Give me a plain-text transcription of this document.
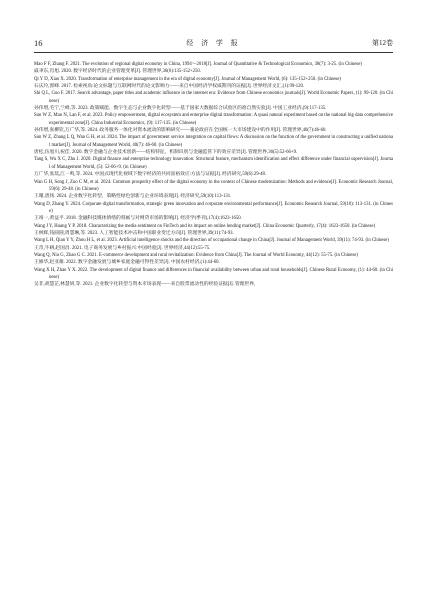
16	经 济 学 报	第12卷
Mao F F, Zhang F. 2021. The evolution of regional digital economy in China, 1994～2018[J]. Journal of Quantitative & Technological Economics, 38(7): 3-25. (in Chinese)
戚聿东,肖旭. 2020. 数字经济时代的企业管理变革[J]. 管理世界,36(6):135-152+250.
Qi Y D, Xiao X. 2020. Transformation of enterprise management in the era of digital economy[J]. Journal of Management World, (6): 135-152+250. (in Chinese)
石庆玲,郭峰. 2017. 检索视角:论文标题与互联网时代的论文影响力——来自中国经济学权威期刊的证据[J]. 世界经济文汇,(1):99-120.
Shi Q L, Guo F. 2017. Search advantage, paper titles and academic influence in the internet era: Evidence from Chinese economics journals[J]. World Economic Papers, (1): 99-120. (in Chinese)
孙伟增,毛宁,兰峰,等. 2023. 政策赋能、数字生态与企业数字化转型——基于国家大数据综合试验区的准自然实验[J]. 中国工业经济,(9):117-135.
Sun W Z, Mao N, Lan F, et al. 2023. Policy empowerment, digital ecosystem and enterprise digital transformation: A quasi natural experiment based on the national big data comprehensive experimental zone[J]. China Industrial Economics, (9): 117-135. (in Chinese)
孙伟增,张柳钦,万广华,等. 2024. 政务服务一体化对资本流动的影响研究——兼论政府在全国统一大市场建设中的作用[J]. 管理世界,40(7):46-60.
Sun W Z, Zhang L Q, Wan G H, et al. 2024. The impact of government service integration on capital flows: A discussion on the function of the government in constructing a unified national market[J]. Journal of Management World, 40(7): 46-60. (in Chinese)
唐松,伍旭川,祝佳. 2020. 数字金融与企业技术创新——结构特征、机制识别与金融监管下的效应差异[J]. 管理世界,36(5):52-66+9.
Tang S, Wu X C, Zhu J. 2020. Digital finance and enterprise technology innovation: Structural feature, mechanism identification and effect difference under financial supervision[J]. Journal of Management World, (5): 52-66+9. (in Chinese)
万广华,张琰,江一鸣,等. 2024. 中国式现代化视域下数字经济的共同富裕效应:方法与证据[J]. 经济研究,59(6):29-48.
Wan G H, Song J, Zuo C M, et al. 2024. Common prosperity effect of the digital economy in the context of Chinese modernization: Methods and evidence[J]. Economic Research Journal, 59(6): 29-48. (in Chinese)
王珊,唐扬. 2024. 企业数字化转型、策略性绿色创新与企业环境表现[J]. 经济研究,59(10):113-131.
Wang D, Zhang Y. 2024. Corporate digital transformation, strategic green innovation and corporate environmental performance[J]. Economic Research Journal, 59(10): 113-131. (in Chinese)
王靖一,黄益平. 2018. 金融科技媒体情绪的刻画与对网贷市场的影响[J]. 经济学(季刊),17(4):1623-1650.
Wang J Y, Huang Y P. 2018. Characterizing the media sentiment on FinTech and its impact on online lending market[J]. China Economic Quarterly, 17(4): 1623-1650. (in Chinese)
王林辉,钱圆圆,周慧琳,等. 2023. 人工智能技术冲击和中国职业变迁方向[J]. 管理世界,39(11):74-93.
Wang L H, Qian Y Y, Zhou H L, et al. 2023. Artificial intelligence shocks and the direction of occupational change in China[J]. Journal of Management World, 39(11): 74-93. (in Chinese)
王奇,牛耕,赵国昌. 2021. 电子商务发展与乡村振兴:中国经验[J]. 世界经济,44(12):55-75.
Wang Q, Niu G, Zhao G C. 2021. E-commerce development and rural revitalization: Evidence from China[J]. The Journal of World Economy, 44(12): 55-75. (in Chinese)
王修华,赵亚雄. 2022. 数字金融发展与城乡家庭金融可得性差异[J]. 中国农村经济,(1):44-60.
Wang X H, Zhao Y X. 2022. The development of digital finance and differences in financial availability between urban and rural households[J]. Chinese Rural Economy, (1): 44-60. (in Chinese)
吴非,胡慧芷,林慧妍,等. 2021. 企业数字化转型与资本市场表现——来自股票流动性的经验证据[J]. 管理世界,
